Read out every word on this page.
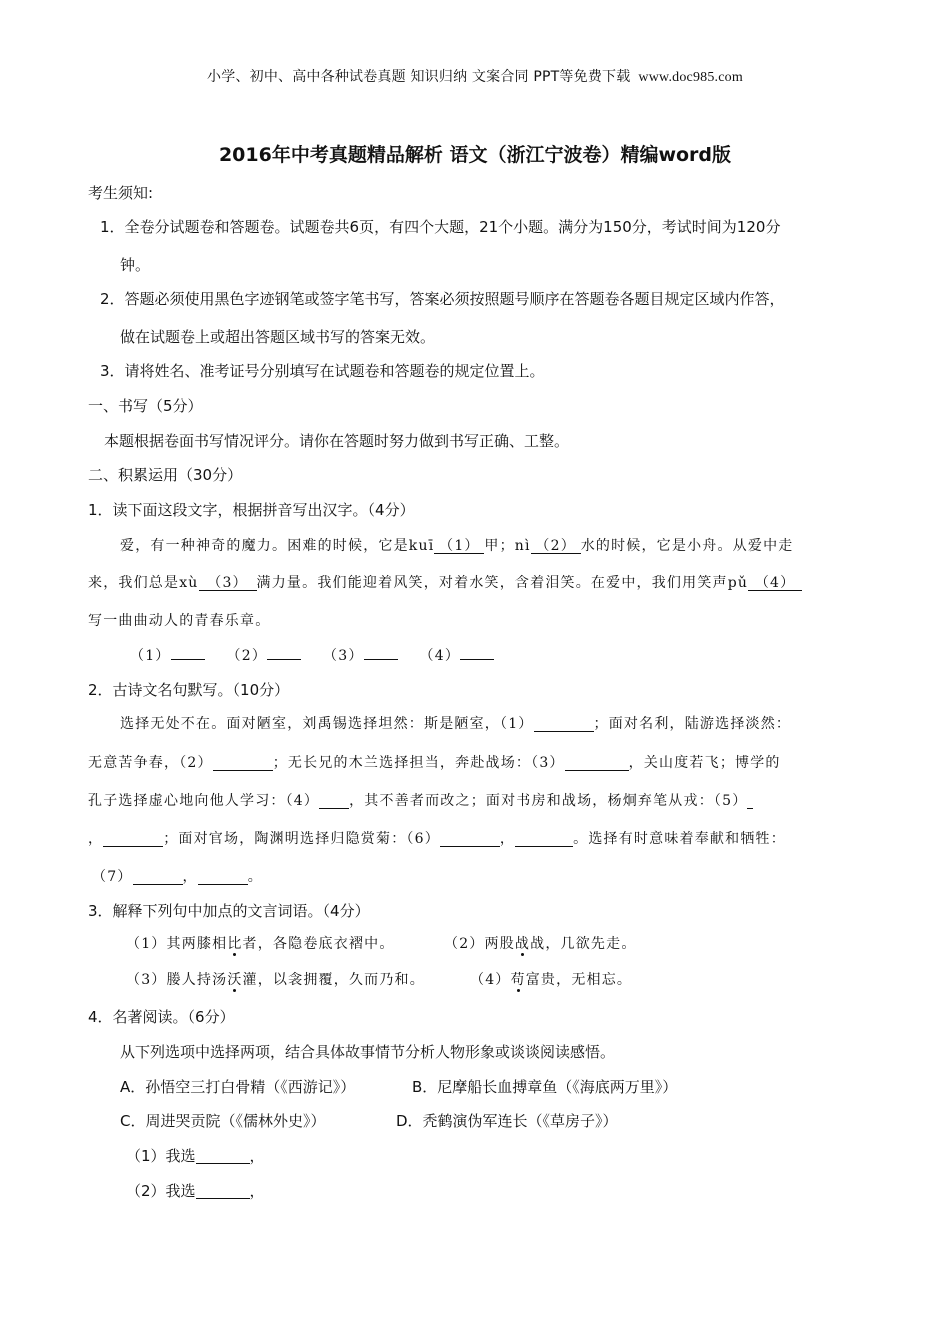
小学、初中、高中各种试卷真题 知识归纳 文案合同 PPT等免费下载 www.doc985.com
2016年中考真题精品解析 语文（浙江宁波卷）精编word版
考生须知:
1．全卷分试题卷和答题卷。试题卷共6页，有四个大题，21个小题。满分为150分，考试时间为120分
钟。
2．答题必须使用黑色字迹钢笔或签字笔书写，答案必须按照题号顺序在答题卷各题目规定区域内作答，
做在试题卷上或超出答题区域书写的答案无效。
3．请将姓名、准考证号分别填写在试题卷和答题卷的规定位置上。
一、书写（5分）
本题根据卷面书写情况评分。请你在答题时努力做到书写正确、工整。
二、积累运用（30分）
1．读下面这段文字，根据拼音写出汉字。（4分）
爱，有一种神奇的魔力。困难的时候，它是kuī （1） 甲；nì （2） 水的时候，它是小舟。从爱中走
来，我们总是xù （3） 满力量。我们能迎着风笑，对着水笑，含着泪笑。在爱中，我们用笑声pǔ （4）
写一曲曲动人的青春乐章。
（1）	（2）	（3）	（4）
2．古诗文名句默写。（10分）
选择无处不在。面对陋室，刘禹锡选择坦然：斯是陋室，（1）	；面对名利，陆游选择淡然：
无意苦争春，（2）	；无长兄的木兰选择担当，奔赴战场：（3）	，关山度若飞；博学的
孔子选择虚心地向他人学习：（4） ，其不善者而改之；面对书房和战场，杨炯弃笔从戎：（5）
，	；面对官场，陶渊明选择归隐赏菊：（6）	，	。选择有时意味着奉献和牺牲：
（7）	，	。
3．解释下列句中加点的文言词语。（4分）
（1）其两膝相比者，各隐卷底衣褶中。	（2）两股战战，几欲先走。
（3）媵人持汤沃灌，以衾拥覆，久而乃和。	（4）苟富贵，无相忘。
4．名著阅读。（6分）
从下列选项中选择两项，结合具体故事情节分析人物形象或谈谈阅读感悟。
A．孙悟空三打白骨精（《西游记》）	B．尼摩船长血搏章鱼（《海底两万里》）
C．周进哭贡院（《儒林外史》）	D．秃鹤演伪军连长（《草房子》）
（1）我选	，
（2）我选	，
